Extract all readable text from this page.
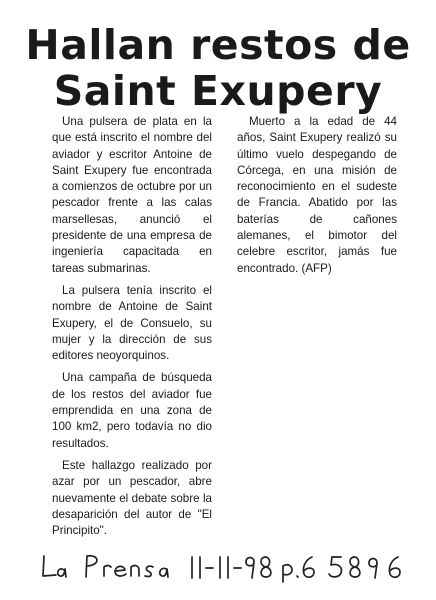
Hallan restos de
Saint Exupery

Una pulsera de plata en la que está inscrito el nombre del aviador y escritor Antoine de Saint Exupery fue encontrada a comienzos de octubre por un pescador frente a las calas marsellesas, anunció el presidente de una empresa de ingeniería capacitada en tareas submarinas.

La pulsera tenía inscrito el nombre de Antoine de Saint Exupery, el de Consuelo, su mujer y la dirección de sus editores neoyorquinos.

Una campaña de búsqueda de los restos del aviador fue emprendida en una zona de 100 km2, pero todavía no dio resultados.

Este hallazgo realizado por azar por un pescador, abre nuevamente el debate sobre la desaparición del autor de "El Principito".

Muerto a la edad de 44 años, Saint Exupery realizó su último vuelo despegando de Córcega, en una misión de reconocimiento en el sudeste de Francia. Abatido por las baterías de cañones alemanes, el bimotor del celebre escritor, jamás fue encontrado. (AFP)
